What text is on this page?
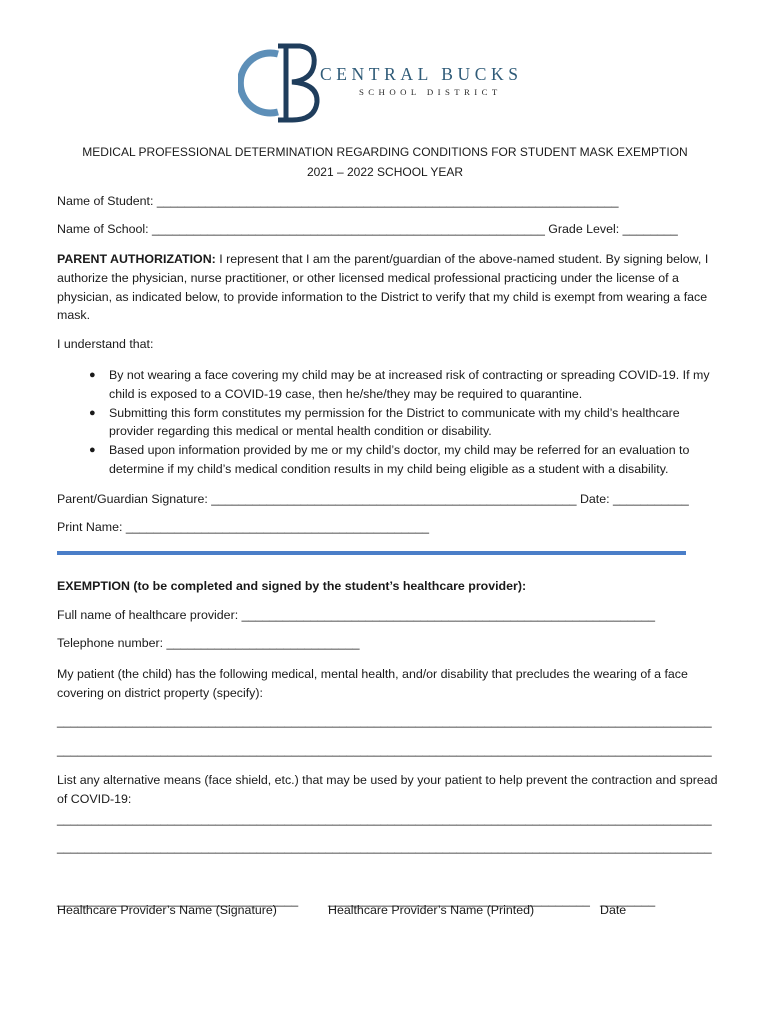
CENTRAL BUCKS
SCHOOL DISTRICT
MEDICAL PROFESSIONAL DETERMINATION REGARDING CONDITIONS FOR STUDENT MASK EXEMPTION
2021 – 2022 SCHOOL YEAR
Name of Student: ___________________________________________________________________
Name of School: _________________________________________________________ Grade Level: ________
PARENT AUTHORIZATION: I represent that I am the parent/guardian of the above-named student. By signing below, I authorize the physician, nurse practitioner, or other licensed medical professional practicing under the license of a physician, as indicated below, to provide information to the District to verify that my child is exempt from wearing a face mask.
I understand that:
● By not wearing a face covering my child may be at increased risk of contracting or spreading COVID-19. If my child is exposed to a COVID-19 case, then he/she/they may be required to quarantine.
● Submitting this form constitutes my permission for the District to communicate with my child’s healthcare provider regarding this medical or mental health condition or disability.
● Based upon information provided by me or my child’s doctor, my child may be referred for an evaluation to determine if my child’s medical condition results in my child being eligible as a student with a disability.
Parent/Guardian Signature: _____________________________________________________ Date: ___________
Print Name: ____________________________________________
EXEMPTION (to be completed and signed by the student’s healthcare provider):
Full name of healthcare provider: ____________________________________________________________
Telephone number: ____________________________
My patient (the child) has the following medical, mental health, and/or disability that precludes the wearing of a face covering on district property (specify):
_______________________________________________________________________________________________
_______________________________________________________________________________________________
List any alternative means (face shield, etc.) that may be used by your patient to help prevent the contraction and spread of COVID-19:
_______________________________________________________________________________________________
_______________________________________________________________________________________________
___________________________________ ______________________________________ ________
Healthcare Provider’s Name (Signature)	Healthcare Provider’s Name (Printed)	Date
